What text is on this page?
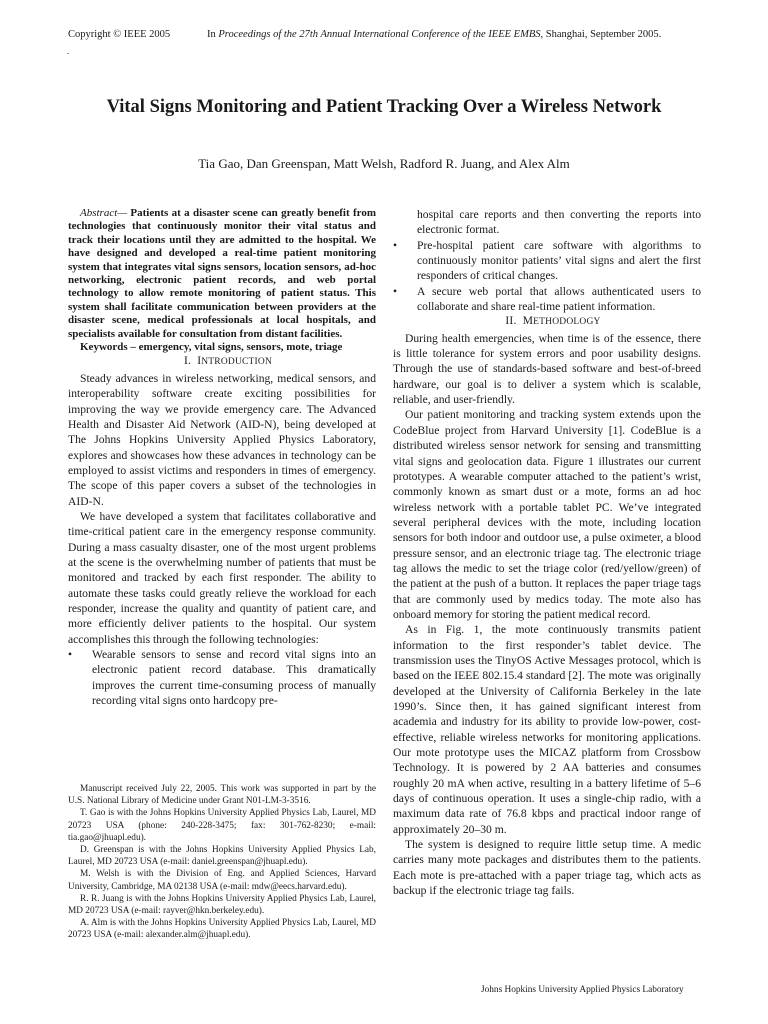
Copyright © IEEE 2005	In Proceedings of the 27th Annual International Conference of the IEEE EMBS, Shanghai, September 2005.
.
Vital Signs Monitoring and Patient Tracking Over a Wireless Network
Tia Gao, Dan Greenspan, Matt Welsh, Radford R. Juang, and Alex Alm

Abstract— Patients at a disaster scene can greatly benefit from technologies that continuously monitor their vital status and track their locations until they are admitted to the hospital. We have designed and developed a real-time patient monitoring system that integrates vital signs sensors, location sensors, ad-hoc networking, electronic patient records, and web portal technology to allow remote monitoring of patient status. This system shall facilitate communication between providers at the disaster scene, medical professionals at local hospitals, and specialists available for consultation from distant facilities.

Keywords – emergency, vital signs, sensors, mote, triage

I. INTRODUCTION

Steady advances in wireless networking, medical sensors, and interoperability software create exciting possibilities for improving the way we provide emergency care. The Advanced Health and Disaster Aid Network (AID-N), being developed at The Johns Hopkins University Applied Physics Laboratory, explores and showcases how these advances in technology can be employed to assist victims and responders in times of emergency. The scope of this paper covers a subset of the technologies in AID-N.

We have developed a system that facilitates collaborative and time-critical patient care in the emergency response community. During a mass casualty disaster, one of the most urgent problems at the scene is the overwhelming number of patients that must be monitored and tracked by each first responder. The ability to automate these tasks could greatly relieve the workload for each responder, increase the quality and quantity of patient care, and more efficiently deliver patients to the hospital. Our system accomplishes this through the following technologies:

• Wearable sensors to sense and record vital signs into an electronic patient record database. This dramatically improves the current time-consuming process of manually recording vital signs onto hardcopy pre-

Manuscript received July 22, 2005. This work was supported in part by the U.S. National Library of Medicine under Grant N01-LM-3-3516.

T. Gao is with the Johns Hopkins University Applied Physics Lab, Laurel, MD 20723 USA (phone: 240-228-3475; fax: 301-762-8230; e-mail: tia.gao@jhuapl.edu).

D. Greenspan is with the Johns Hopkins University Applied Physics Lab, Laurel, MD 20723 USA (e-mail: daniel.greenspan@jhuapl.edu).

M. Welsh is with the Division of Eng. and Applied Sciences, Harvard University, Cambridge, MA 02138 USA (e-mail: mdw@eecs.harvard.edu).

R. R. Juang is with the Johns Hopkins University Applied Physics Lab, Laurel, MD 20723 USA (e-mail: rayver@hkn.berkeley.edu).

A. Alm is with the Johns Hopkins University Applied Physics Lab, Laurel, MD 20723 USA (e-mail: alexander.alm@jhuapl.edu).

hospital care reports and then converting the reports into electronic format.
• Pre-hospital patient care software with algorithms to continuously monitor patients’ vital signs and alert the first responders of critical changes.
• A secure web portal that allows authenticated users to collaborate and share real-time patient information.

II. METHODOLOGY

During health emergencies, when time is of the essence, there is little tolerance for system errors and poor usability designs. Through the use of standards-based software and best-of-breed hardware, our goal is to deliver a system which is scalable, reliable, and user-friendly.

Our patient monitoring and tracking system extends upon the CodeBlue project from Harvard University [1]. CodeBlue is a distributed wireless sensor network for sensing and transmitting vital signs and geolocation data. Figure 1 illustrates our current prototypes. A wearable computer attached to the patient’s wrist, commonly known as smart dust or a mote, forms an ad hoc wireless network with a portable tablet PC. We’ve integrated several peripheral devices with the mote, including location sensors for both indoor and outdoor use, a pulse oximeter, a blood pressure sensor, and an electronic triage tag. The electronic triage tag allows the medic to set the triage color (red/yellow/green) of the patient at the push of a button. It replaces the paper triage tags that are commonly used by medics today. The mote also has onboard memory for storing the patient medical record.

As in Fig. 1, the mote continuously transmits patient information to the first responder’s tablet device. The transmission uses the TinyOS Active Messages protocol, which is based on the IEEE 802.15.4 standard [2]. The mote was originally developed at the University of California Berkeley in the late 1990’s. Since then, it has gained significant interest from academia and industry for its ability to provide low-power, cost-effective, reliable wireless networks for monitoring applications. Our mote prototype uses the MICAZ platform from Crossbow Technology. It is powered by 2 AA batteries and consumes roughly 20 mA when active, resulting in a battery lifetime of 5–6 days of continuous operation. It uses a single-chip radio, with a maximum data rate of 76.8 kbps and practical indoor range of approximately 20–30 m.

The system is designed to require little setup time. A medic carries many mote packages and distributes them to the patients. Each mote is pre-attached with a paper triage tag, which acts as backup if the electronic triage tag fails.

Johns Hopkins University Applied Physics Laboratory
